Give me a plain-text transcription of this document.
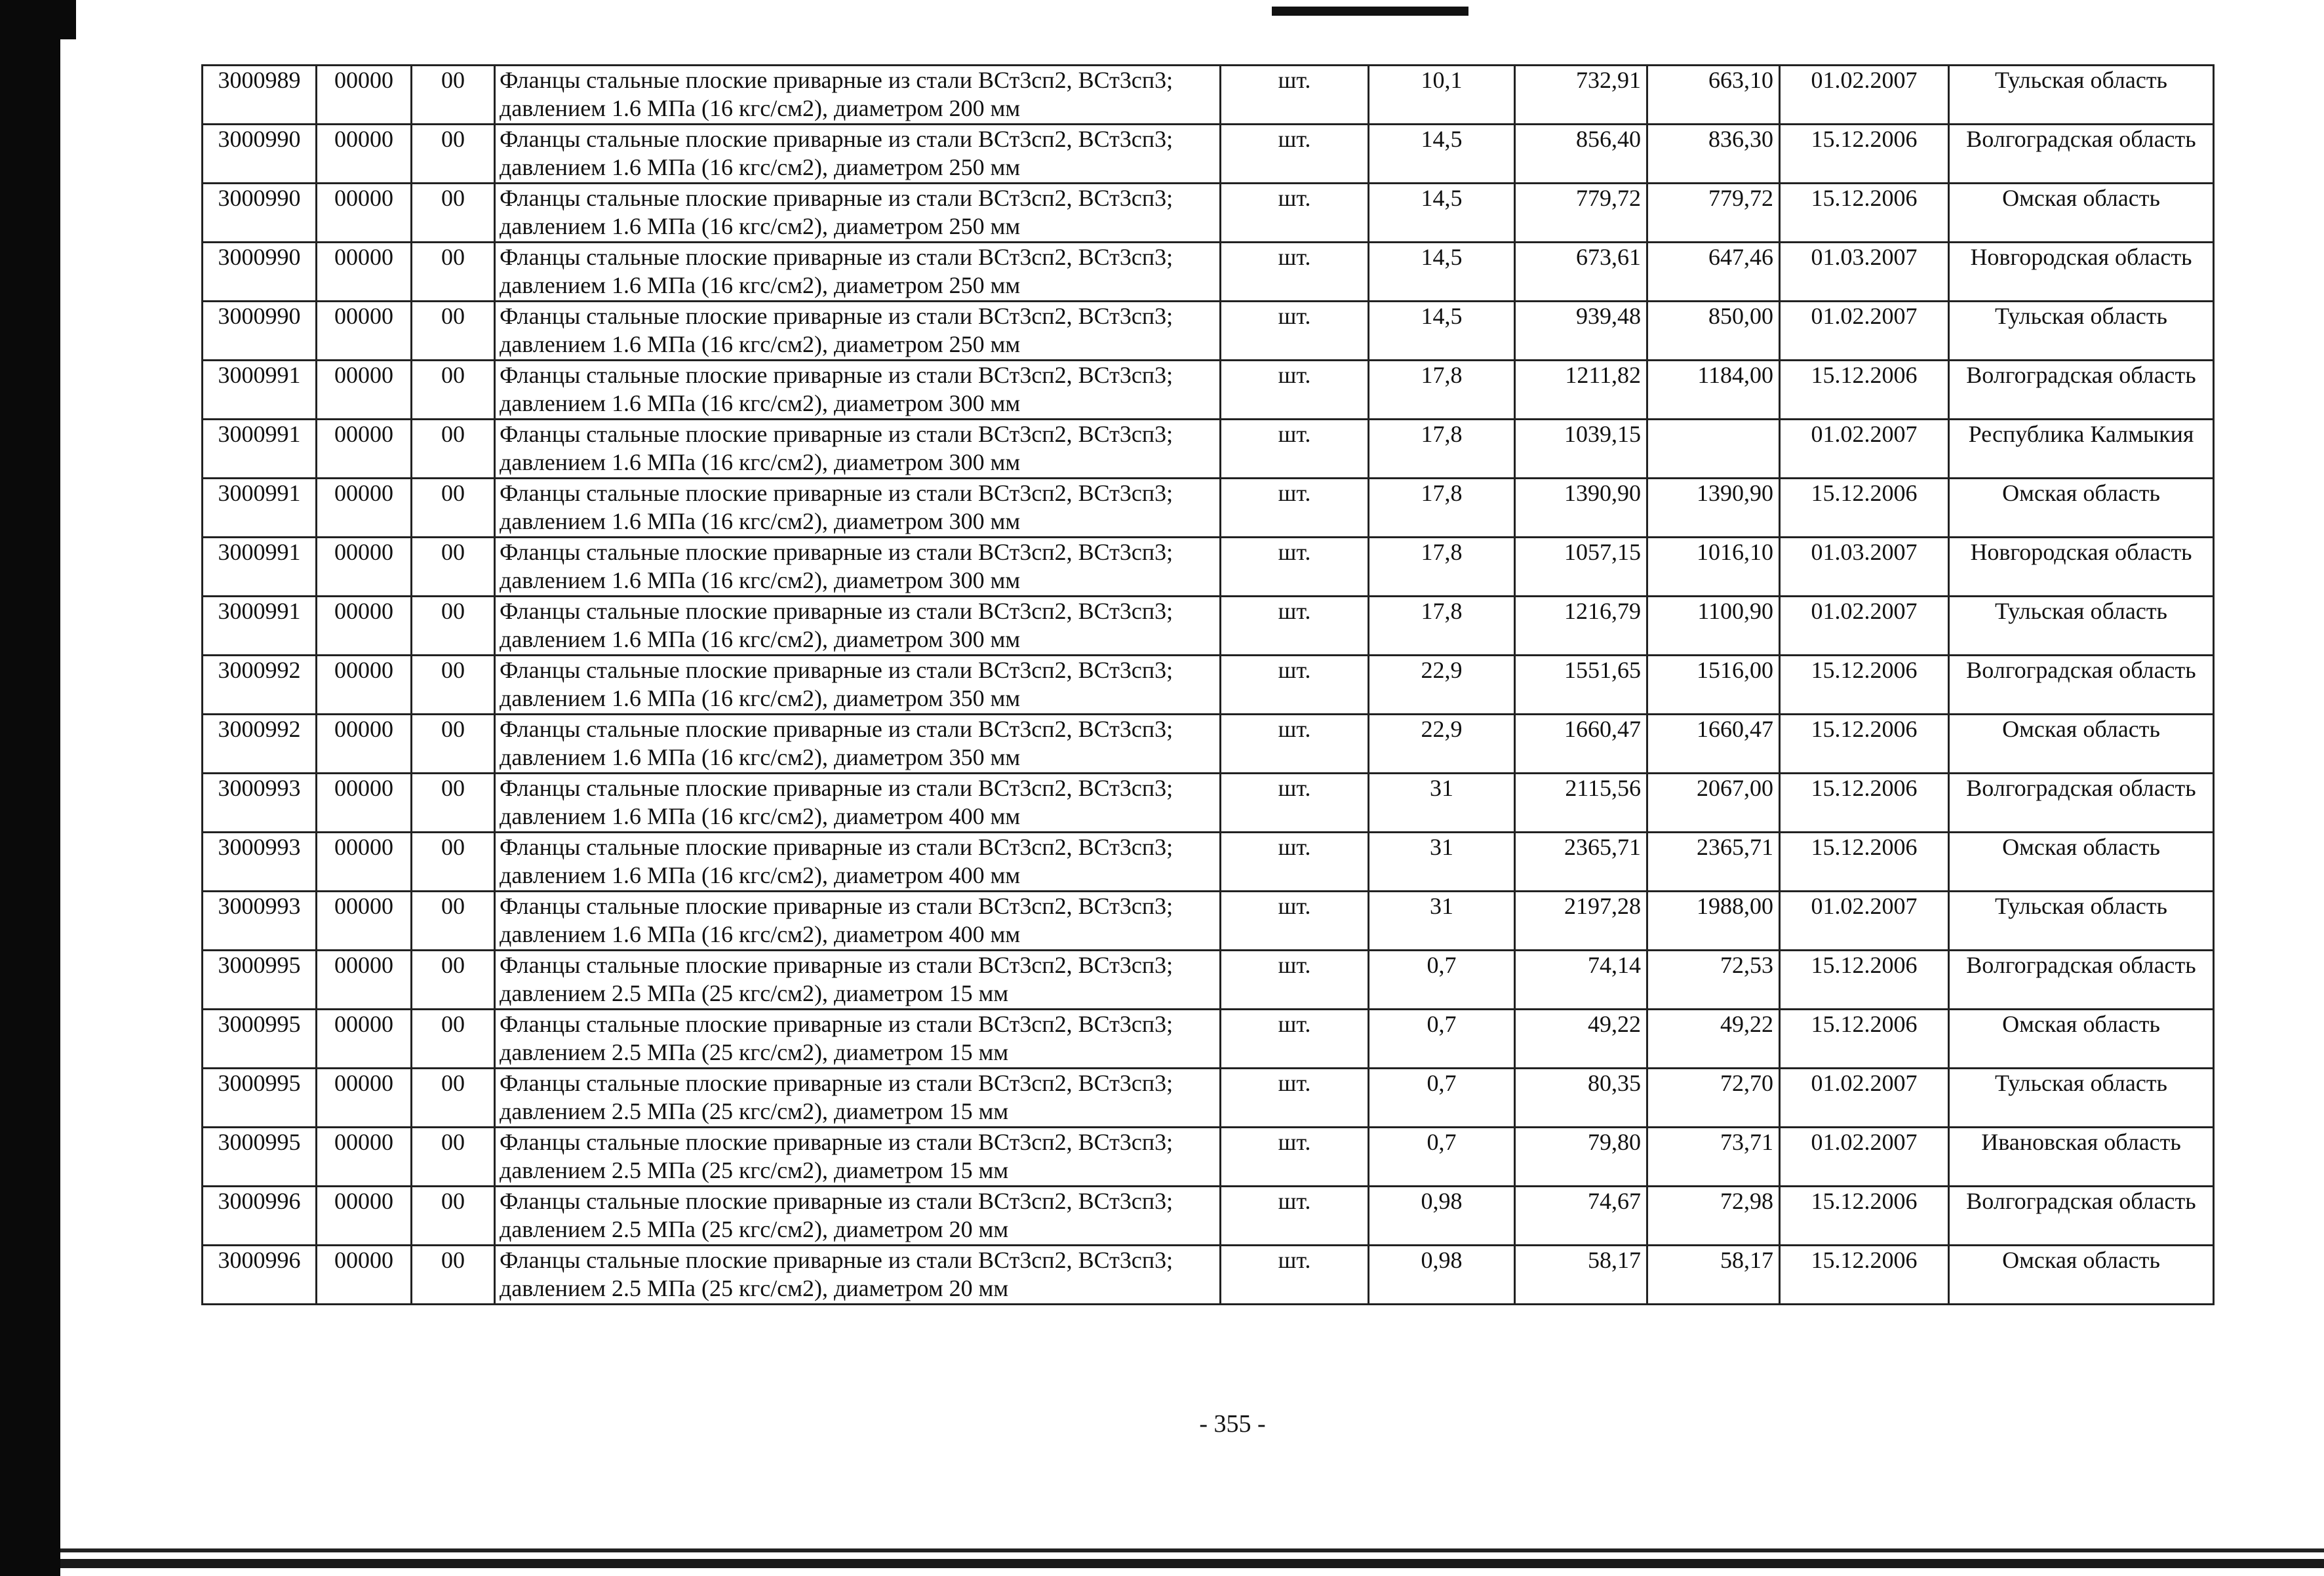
3000989	00000	00	Фланцы стальные плоские приварные из стали ВСт3сп2, ВСт3сп3; давлением 1.6 МПа (16 кгс/см2), диаметром 200 мм	шт.	10,1	732,91	663,10	01.02.2007	Тульская область
3000990	00000	00	Фланцы стальные плоские приварные из стали ВСт3сп2, ВСт3сп3; давлением 1.6 МПа (16 кгс/см2), диаметром 250 мм	шт.	14,5	856,40	836,30	15.12.2006	Волгоградская область
3000990	00000	00	Фланцы стальные плоские приварные из стали ВСт3сп2, ВСт3сп3; давлением 1.6 МПа (16 кгс/см2), диаметром 250 мм	шт.	14,5	779,72	779,72	15.12.2006	Омская область
3000990	00000	00	Фланцы стальные плоские приварные из стали ВСт3сп2, ВСт3сп3; давлением 1.6 МПа (16 кгс/см2), диаметром 250 мм	шт.	14,5	673,61	647,46	01.03.2007	Новгородская область
3000990	00000	00	Фланцы стальные плоские приварные из стали ВСт3сп2, ВСт3сп3; давлением 1.6 МПа (16 кгс/см2), диаметром 250 мм	шт.	14,5	939,48	850,00	01.02.2007	Тульская область
3000991	00000	00	Фланцы стальные плоские приварные из стали ВСт3сп2, ВСт3сп3; давлением 1.6 МПа (16 кгс/см2), диаметром 300 мм	шт.	17,8	1211,82	1184,00	15.12.2006	Волгоградская область
3000991	00000	00	Фланцы стальные плоские приварные из стали ВСт3сп2, ВСт3сп3; давлением 1.6 МПа (16 кгс/см2), диаметром 300 мм	шт.	17,8	1039,15		01.02.2007	Республика Калмыкия
3000991	00000	00	Фланцы стальные плоские приварные из стали ВСт3сп2, ВСт3сп3; давлением 1.6 МПа (16 кгс/см2), диаметром 300 мм	шт.	17,8	1390,90	1390,90	15.12.2006	Омская область
3000991	00000	00	Фланцы стальные плоские приварные из стали ВСт3сп2, ВСт3сп3; давлением 1.6 МПа (16 кгс/см2), диаметром 300 мм	шт.	17,8	1057,15	1016,10	01.03.2007	Новгородская область
3000991	00000	00	Фланцы стальные плоские приварные из стали ВСт3сп2, ВСт3сп3; давлением 1.6 МПа (16 кгс/см2), диаметром 300 мм	шт.	17,8	1216,79	1100,90	01.02.2007	Тульская область
3000992	00000	00	Фланцы стальные плоские приварные из стали ВСт3сп2, ВСт3сп3; давлением 1.6 МПа (16 кгс/см2), диаметром 350 мм	шт.	22,9	1551,65	1516,00	15.12.2006	Волгоградская область
3000992	00000	00	Фланцы стальные плоские приварные из стали ВСт3сп2, ВСт3сп3; давлением 1.6 МПа (16 кгс/см2), диаметром 350 мм	шт.	22,9	1660,47	1660,47	15.12.2006	Омская область
3000993	00000	00	Фланцы стальные плоские приварные из стали ВСт3сп2, ВСт3сп3; давлением 1.6 МПа (16 кгс/см2), диаметром 400 мм	шт.	31	2115,56	2067,00	15.12.2006	Волгоградская область
3000993	00000	00	Фланцы стальные плоские приварные из стали ВСт3сп2, ВСт3сп3; давлением 1.6 МПа (16 кгс/см2), диаметром 400 мм	шт.	31	2365,71	2365,71	15.12.2006	Омская область
3000993	00000	00	Фланцы стальные плоские приварные из стали ВСт3сп2, ВСт3сп3; давлением 1.6 МПа (16 кгс/см2), диаметром 400 мм	шт.	31	2197,28	1988,00	01.02.2007	Тульская область
3000995	00000	00	Фланцы стальные плоские приварные из стали ВСт3сп2, ВСт3сп3; давлением 2.5 МПа (25 кгс/см2), диаметром 15 мм	шт.	0,7	74,14	72,53	15.12.2006	Волгоградская область
3000995	00000	00	Фланцы стальные плоские приварные из стали ВСт3сп2, ВСт3сп3; давлением 2.5 МПа (25 кгс/см2), диаметром 15 мм	шт.	0,7	49,22	49,22	15.12.2006	Омская область
3000995	00000	00	Фланцы стальные плоские приварные из стали ВСт3сп2, ВСт3сп3; давлением 2.5 МПа (25 кгс/см2), диаметром 15 мм	шт.	0,7	80,35	72,70	01.02.2007	Тульская область
3000995	00000	00	Фланцы стальные плоские приварные из стали ВСт3сп2, ВСт3сп3; давлением 2.5 МПа (25 кгс/см2), диаметром 15 мм	шт.	0,7	79,80	73,71	01.02.2007	Ивановская область
3000996	00000	00	Фланцы стальные плоские приварные из стали ВСт3сп2, ВСт3сп3; давлением 2.5 МПа (25 кгс/см2), диаметром 20 мм	шт.	0,98	74,67	72,98	15.12.2006	Волгоградская область
3000996	00000	00	Фланцы стальные плоские приварные из стали ВСт3сп2, ВСт3сп3; давлением 2.5 МПа (25 кгс/см2), диаметром 20 мм	шт.	0,98	58,17	58,17	15.12.2006	Омская область
- 355 -
